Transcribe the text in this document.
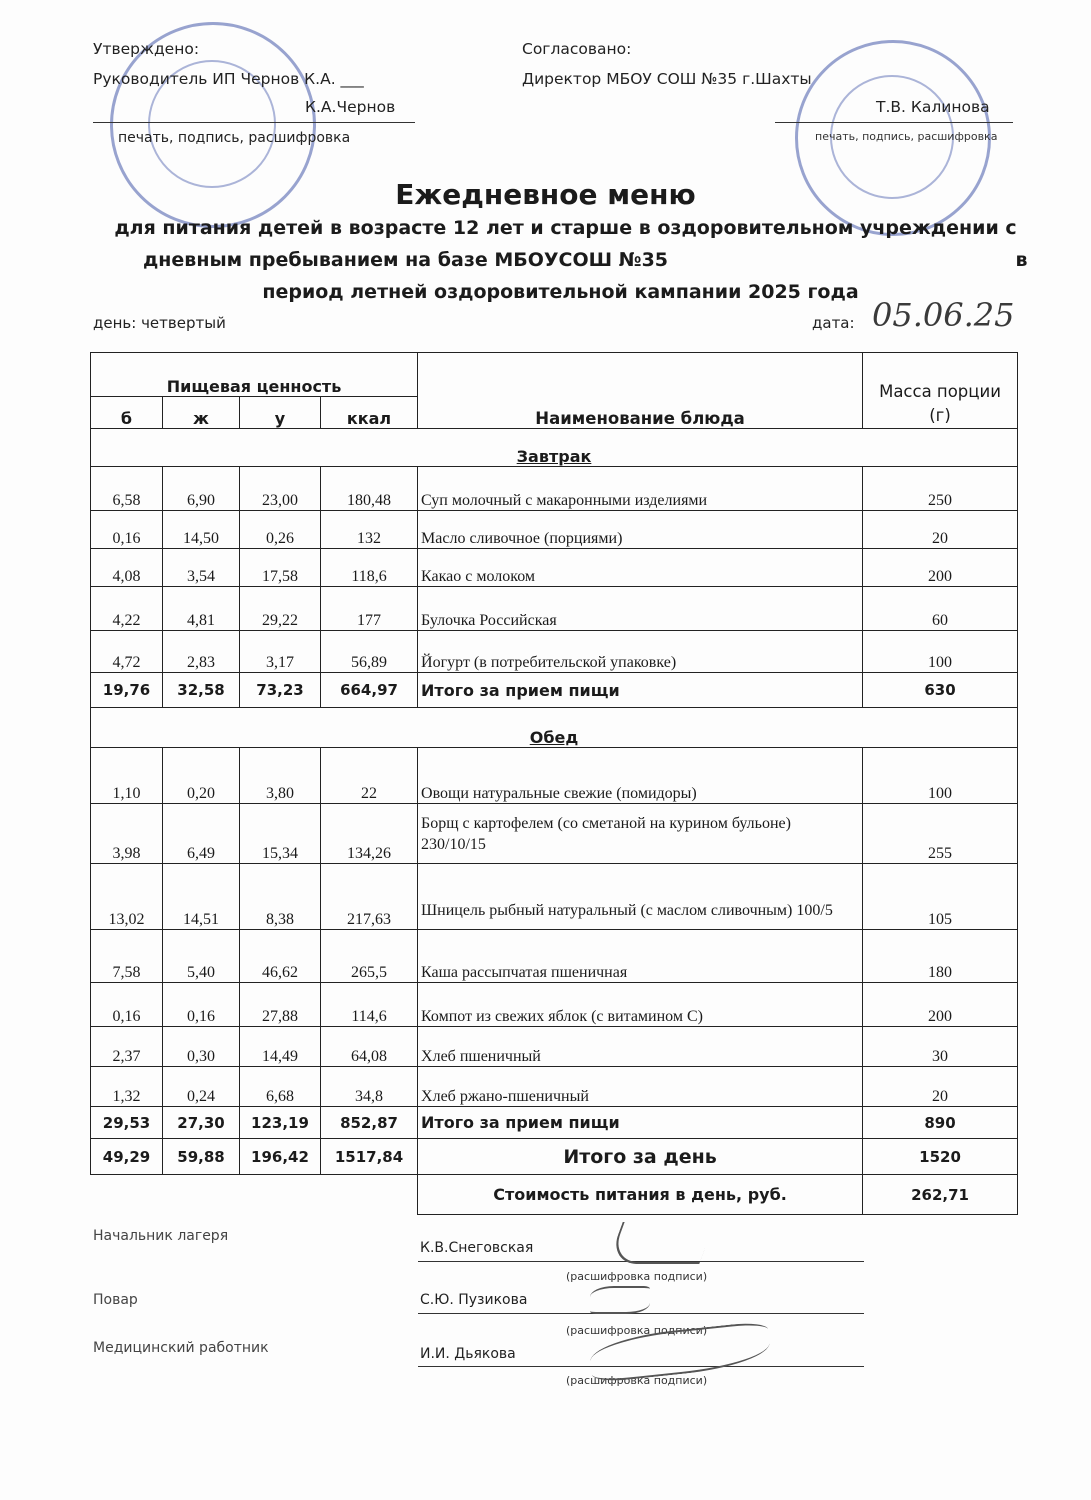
Утверждено:
Руководитель ИП Чернов К.А. ___
К.А.Чернов
печать, подпись, расшифровка
Согласовано:
Директор МБОУ СОШ №35 г.Шахты
Т.В. Калинова
печать, подпись, расшифровка
Ежедневное меню
для питания детей в возрасте 12 лет и старше в оздоровительном учреждении с
дневным пребыванием на базе МБОУСОШ №35	в
период летней оздоровительной кампании 2025 года
день: четвертый	дата: 05.06.25
Пищевая ценность				Наименование блюда	Масса порции (г)
б	ж	у	ккал		
Завтрак					
6,58	6,90	23,00	180,48	Суп молочный с макаронными изделиями	250
0,16	14,50	0,26	132	Масло сливочное (порциями)	20
4,08	3,54	17,58	118,6	Какао с молоком	200
4,22	4,81	29,22	177	Булочка Российская	60
4,72	2,83	3,17	56,89	Йогурт (в потребительской упаковке)	100
19,76	32,58	73,23	664,97	Итого за прием пищи	630
Обед					
1,10	0,20	3,80	22	Овощи натуральные свежие (помидоры)	100
3,98	6,49	15,34	134,26	Борщ с картофелем (со сметаной на курином бульоне) 230/10/15	255
13,02	14,51	8,38	217,63	Шницель рыбный натуральный (с маслом сливочным) 100/5	105
7,58	5,40	46,62	265,5	Каша рассыпчатая пшеничная	180
0,16	0,16	27,88	114,6	Компот из свежих яблок (с витамином С)	200
2,37	0,30	14,49	64,08	Хлеб пшеничный	30
1,32	0,24	6,68	34,8	Хлеб ржано-пшеничный	20
29,53	27,30	123,19	852,87	Итого за прием пищи	890
49,29	59,88	196,42	1517,84	Итого за день	1520
				Стоимость питания в день, руб.	262,71
Начальник лагеря
К.В.Снеговская
(расшифровка подписи)
Повар	С.Ю. Пузикова
(расшифровка подписи)
Медицинский работник	И.И. Дьякова
(расшифровка подписи)
